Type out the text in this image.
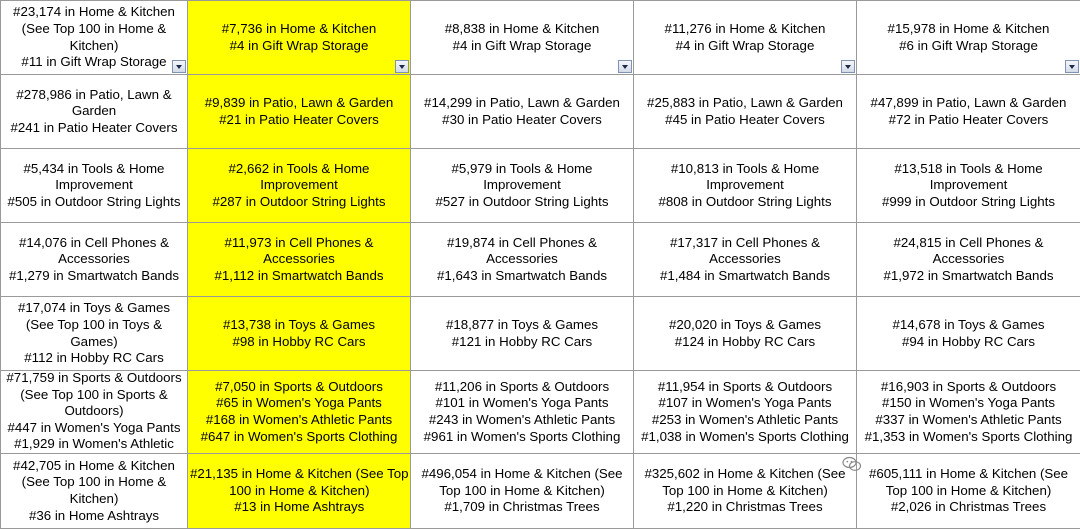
#23,174 in Home & Kitchen
(See Top 100 in Home &
Kitchen)
#11 in Gift Wrap Storage	#7,736 in Home & Kitchen
#4 in Gift Wrap Storage	#8,838 in Home & Kitchen
#4 in Gift Wrap Storage	#11,276 in Home & Kitchen
#4 in Gift Wrap Storage	#15,978 in Home & Kitchen
#6 in Gift Wrap Storage

#278,986 in Patio, Lawn &
Garden
#241 in Patio Heater Covers	#9,839 in Patio, Lawn & Garden
#21 in Patio Heater Covers	#14,299 in Patio, Lawn & Garden
#30 in Patio Heater Covers	#25,883 in Patio, Lawn & Garden
#45 in Patio Heater Covers	#47,899 in Patio, Lawn & Garden
#72 in Patio Heater Covers

#5,434 in Tools & Home
Improvement
#505 in Outdoor String Lights	#2,662 in Tools & Home
Improvement
#287 in Outdoor String Lights	#5,979 in Tools & Home
Improvement
#527 in Outdoor String Lights	#10,813 in Tools & Home
Improvement
#808 in Outdoor String Lights	#13,518 in Tools & Home
Improvement
#999 in Outdoor String Lights

#14,076 in Cell Phones &
Accessories
#1,279 in Smartwatch Bands	#11,973 in Cell Phones &
Accessories
#1,112 in Smartwatch Bands	#19,874 in Cell Phones &
Accessories
#1,643 in Smartwatch Bands	#17,317 in Cell Phones &
Accessories
#1,484 in Smartwatch Bands	#24,815 in Cell Phones &
Accessories
#1,972 in Smartwatch Bands

#17,074 in Toys & Games
(See Top 100 in Toys &
Games)
#112 in Hobby RC Cars	#13,738 in Toys & Games
#98 in Hobby RC Cars	#18,877 in Toys & Games
#121 in Hobby RC Cars	#20,020 in Toys & Games
#124 in Hobby RC Cars	#14,678 in Toys & Games
#94 in Hobby RC Cars

#71,759 in Sports & Outdoors
(See Top 100 in Sports &
Outdoors)
#447 in Women's Yoga Pants
#1,929 in Women's Athletic	#7,050 in Sports & Outdoors
#65 in Women's Yoga Pants
#168 in Women's Athletic Pants
#647 in Women's Sports Clothing	#11,206 in Sports & Outdoors
#101 in Women's Yoga Pants
#243 in Women's Athletic Pants
#961 in Women's Sports Clothing	#11,954 in Sports & Outdoors
#107 in Women's Yoga Pants
#253 in Women's Athletic Pants
#1,038 in Women's Sports Clothing	#16,903 in Sports & Outdoors
#150 in Women's Yoga Pants
#337 in Women's Athletic Pants
#1,353 in Women's Sports Clothing

#42,705 in Home & Kitchen
(See Top 100 in Home &
Kitchen)
#36 in Home Ashtrays	#21,135 in Home & Kitchen (See Top
100 in Home & Kitchen)
#13 in Home Ashtrays	#496,054 in Home & Kitchen (See
Top 100 in Home & Kitchen)
#1,709 in Christmas Trees	#325,602 in Home & Kitchen (See
Top 100 in Home & Kitchen)
#1,220 in Christmas Trees	#605,111 in Home & Kitchen (See
Top 100 in Home & Kitchen)
#2,026 in Christmas Trees
